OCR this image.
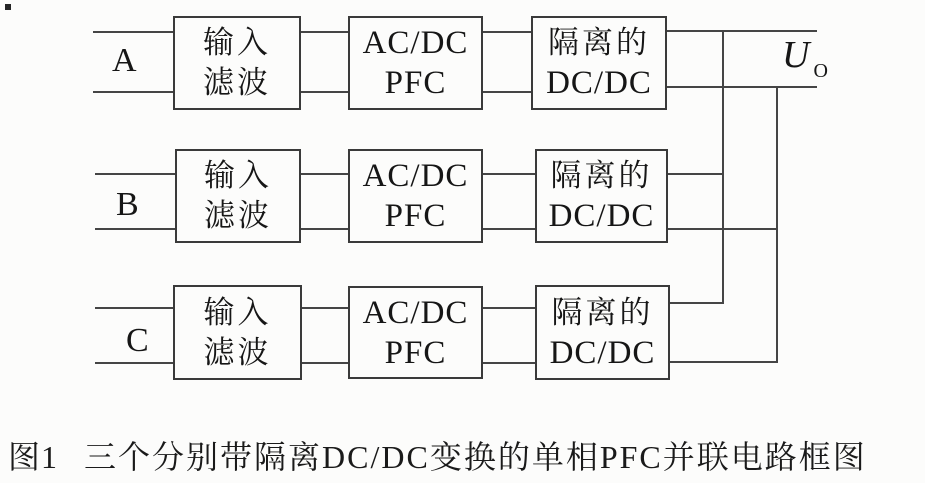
A 输入
滤波
AC/DC
PFC
隔离的
DC/DC
B
输入
滤波
AC/DC
PFC
隔离的
DC/DC
C
输入
滤波
AC/DC
PFC
隔离的
DC/DC
U $_O$
图1 三个分别带隔离DC/DC变换的单相PFC并联电路框图
